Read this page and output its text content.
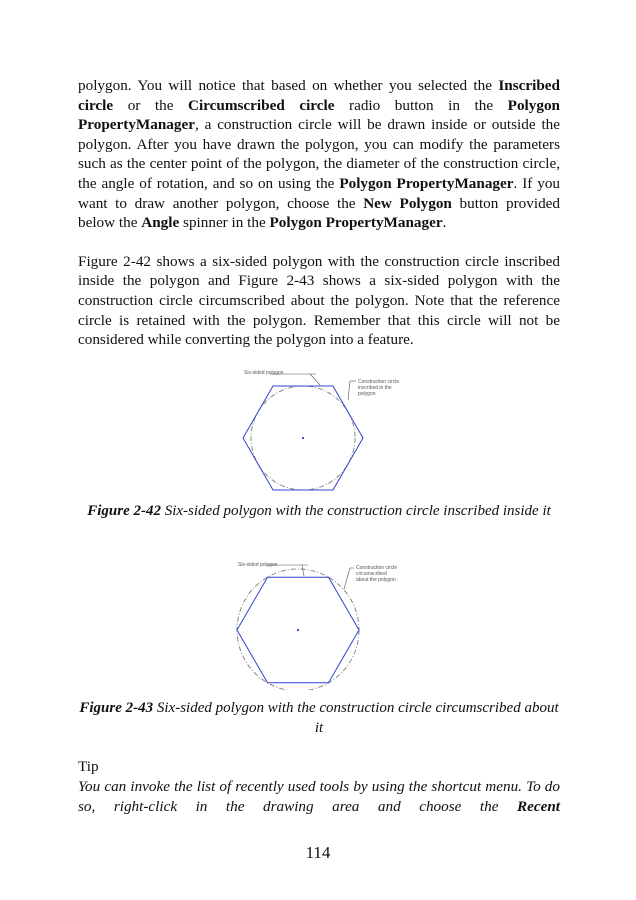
polygon. You will notice that based on whether you selected the Inscribed circle or the Circumscribed circle radio button in the Polygon PropertyManager, a construction circle will be drawn inside or outside the polygon. After you have drawn the polygon, you can modify the parameters such as the center point of the polygon, the diameter of the construction circle, the angle of rotation, and so on using the Polygon PropertyManager. If you want to draw another polygon, choose the New Polygon button provided below the Angle spinner in the Polygon PropertyManager.

Figure 2-42 shows a six-sided polygon with the construction circle inscribed inside the polygon and Figure 2-43 shows a six-sided polygon with the construction circle circumscribed about the polygon. Note that the reference circle is retained with the polygon. Remember that this circle will not be considered while converting the polygon into a feature.

Six-sided polygon
Construction circle
inscribed in the
polygon
Figure 2-42 Six-sided polygon with the construction circle inscribed inside it
Six-sided polygon	Construction circle
circumscribed
about the polygon
Figure 2-43 Six-sided polygon with the construction circle circumscribed about it
Tip
You can invoke the list of recently used tools by using the shortcut menu. To do so, right-click in the drawing area and choose the Recent
114
